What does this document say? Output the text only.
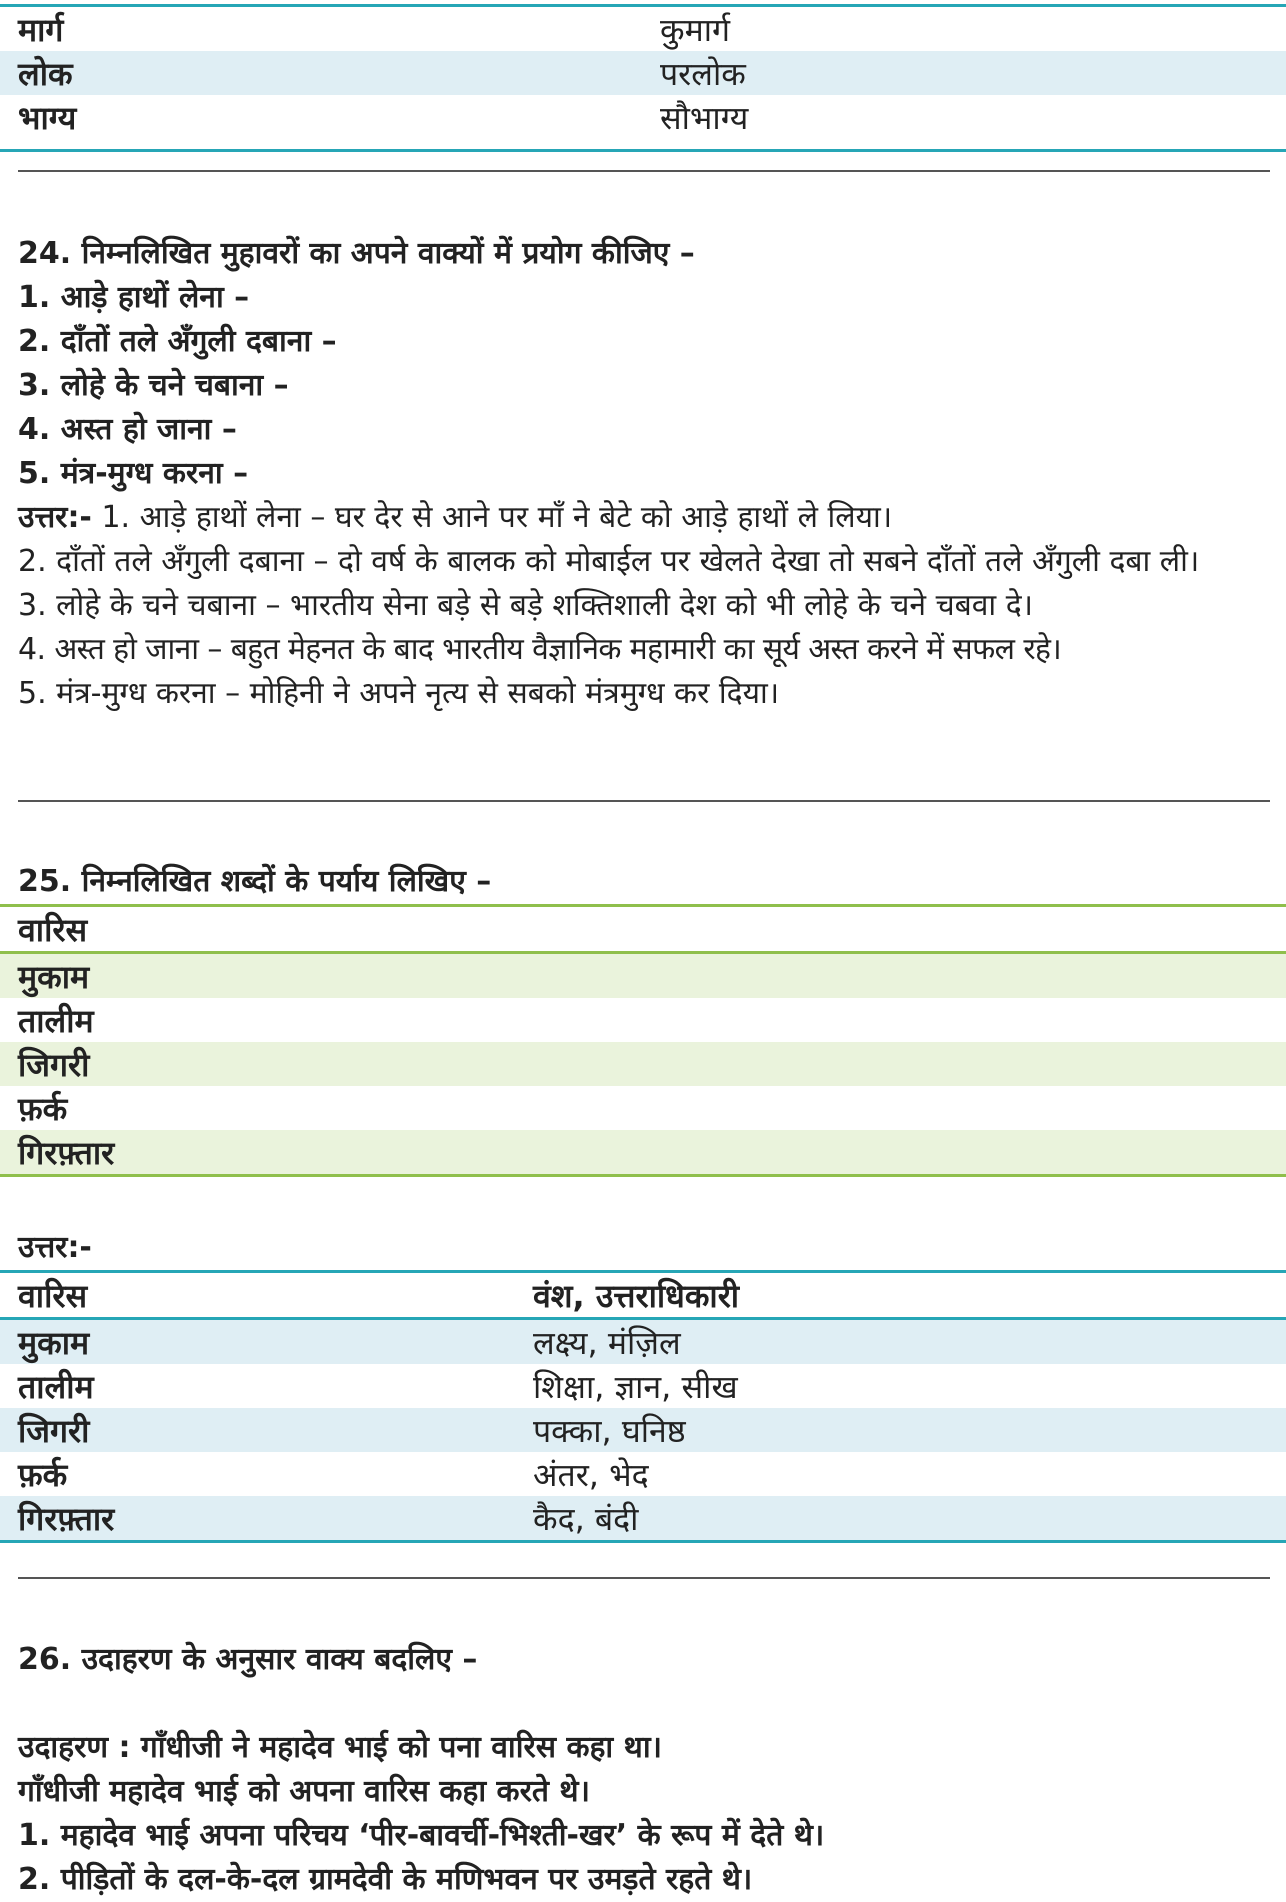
मार्ग	कुमार्ग
लोक	परलोक
भाग्य	सौभाग्य

24. निम्नलिखित मुहावरों का अपने वाक्यों में प्रयोग कीजिए –

1. आड़े हाथों लेना –

2. दाँतों तले अँगुली दबाना –

3. लोहे के चने चबाना –

4. अस्त हो जाना –

5. मंत्र-मुग्ध करना –

उत्तर:- 1. आड़े हाथों लेना – घर देर से आने पर माँ ने बेटे को आड़े हाथों ले लिया।

2. दाँतों तले अँगुली दबाना – दो वर्ष के बालक को मोबाईल पर खेलते देखा तो सबने दाँतों तले अँगुली दबा ली।

3. लोहे के चने चबाना – भारतीय सेना बड़े से बड़े शक्तिशाली देश को भी लोहे के चने चबवा दे।

4. अस्त हो जाना – बहुत मेहनत के बाद भारतीय वैज्ञानिक महामारी का सूर्य अस्त करने में सफल रहे।

5. मंत्र-मुग्ध करना – मोहिनी ने अपने नृत्य से सबको मंत्रमुग्ध कर दिया।

25. निम्नलिखित शब्दों के पर्याय लिखिए –

वारिस
मुकाम
तालीम
जिगरी
फ़र्क
गिरफ़्तार

उत्तर:-

वारिस	वंश, उत्तराधिकारी
मुकाम	लक्ष्य, मंज़िल
तालीम	शिक्षा, ज्ञान, सीख
जिगरी	पक्का, घनिष्ठ
फ़र्क	अंतर, भेद
गिरफ़्तार	कैद, बंदी

26. उदाहरण के अनुसार वाक्य बदलिए –

उदाहरण : गाँधीजी ने महादेव भाई को पना वारिस कहा था।

गाँधीजी महादेव भाई को अपना वारिस कहा करते थे।

1. महादेव भाई अपना परिचय ‘पीर-बावर्ची-भिश्ती-खर’ के रूप में देते थे।

2. पीड़ितों के दल-के-दल ग्रामदेवी के मणिभवन पर उमड़ते रहते थे।
